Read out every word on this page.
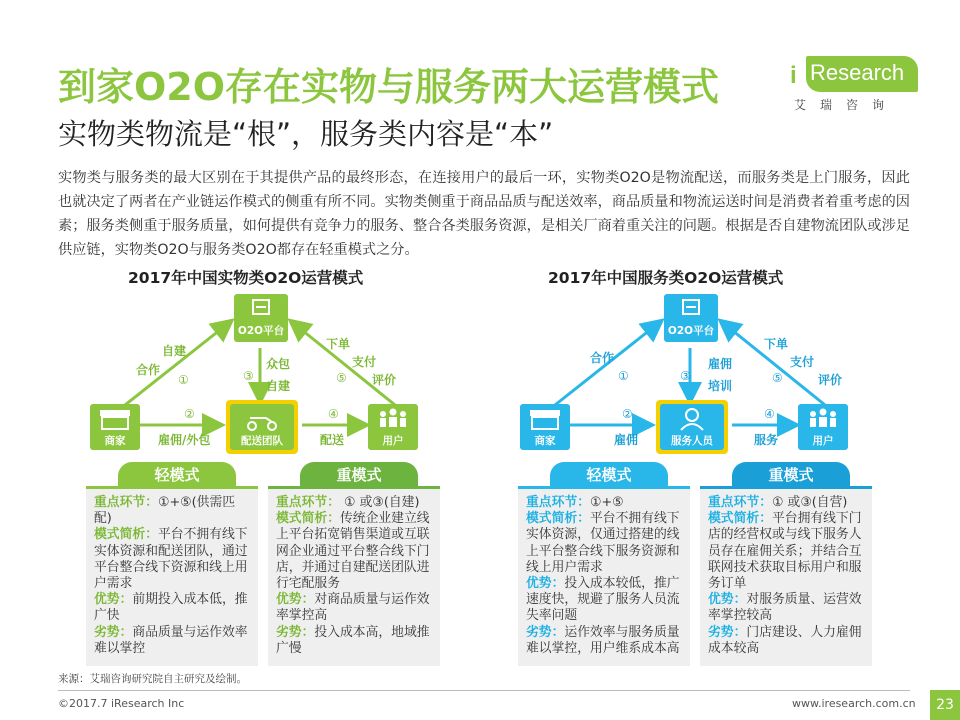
到家O2O存在实物与服务两大运营模式
实物类物流是“根”，服务类内容是“本”
Research
i
艾瑞咨询
实物类与服务类的最大区别在于其提供产品的最终形态，在连接用户的最后一环，实物类O2O是物流配送，而服务类是上门服务，因此也就决定了两者在产业链运作模式的侧重有所不同。实物类侧重于商品品质与配送效率，商品质量和物流运送时间是消费者着重考虑的因素；服务类侧重于服务质量，如何提供有竞争力的服务、整合各类服务资源，是相关厂商着重关注的问题。根据是否自建物流团队或涉足供应链，实物类O2O与服务类O2O都存在轻重模式之分。
2017年中国实物类O2O运营模式	2017年中国服务类O2O运营模式
O2O平台
商家	配送团队	用户
自建
合作
①
众包
自建
③
下单
支付
评价
⑤
②
雇佣/外包
④
配送
O2O平台
商家	服务人员	用户
合作
①
雇佣
培训
③
下单
支付
评价
⑤
②
雇佣
④
服务
轻模式	重模式	轻模式	重模式
重点环节：①+⑤(供需匹配)
模式简析：平台不拥有线下实体资源和配送团队，通过平台整合线下资源和线上用户需求
优势：前期投入成本低，推广快
劣势：商品质量与运作效率难以掌控
重点环节： ① 或③(自建)
模式简析：传统企业建立线上平台拓宽销售渠道或互联网企业通过平台整合线下门店，并通过自建配送团队进行宅配服务
优势：对商品质量与运作效率掌控高
劣势：投入成本高，地域推广慢
重点环节：①+⑤
模式简析：平台不拥有线下实体资源，仅通过搭建的线上平台整合线下服务资源和线上用户需求
优势：投入成本较低，推广速度快，规避了服务人员流失率问题
劣势：运作效率与服务质量难以掌控，用户维系成本高
重点环节：① 或③(自营)
模式简析：平台拥有线下门店的经营权或与线下服务人员存在雇佣关系；并结合互联网技术获取目标用户和服务订单
优势：对服务质量、运营效率掌控较高
劣势：门店建设、人力雇佣成本较高
来源：艾瑞咨询研究院自主研究及绘制。
©2017.7 iResearch Inc	www.iresearch.com.cn	23
